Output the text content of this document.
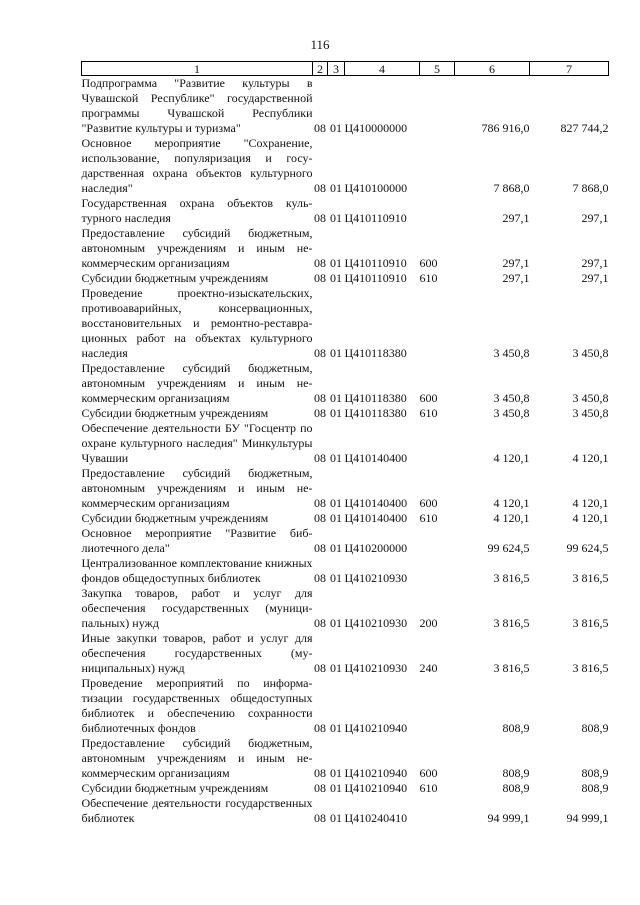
116
1	2	3	4	5	6	7
Подпрограмма "Развитие культуры в Чувашской Республике" государственной программы Чувашской Республики "Развитие культуры и туризма"	08	01	Ц410000000		786 916,0	827 744,2
Основное мероприятие "Сохранение, использование, популяризация и государственная охрана объектов культурного наследия"	08	01	Ц410100000		7 868,0	7 868,0
Государственная охрана объектов культурного наследия	08	01	Ц410110910		297,1	297,1
Предоставление субсидий бюджетным, автономным учреждениям и иным некоммерческим организациям	08	01	Ц410110910	600	297,1	297,1
Субсидии бюджетным учреждениям	08	01	Ц410110910	610	297,1	297,1
Проведение проектно-изыскательских, противоаварийных, консервационных, восстановительных и ремонтно-реставрационных работ на объектах культурного наследия	08	01	Ц410118380		3 450,8	3 450,8
Предоставление субсидий бюджетным, автономным учреждениям и иным некоммерческим организациям	08	01	Ц410118380	600	3 450,8	3 450,8
Субсидии бюджетным учреждениям	08	01	Ц410118380	610	3 450,8	3 450,8
Обеспечение деятельности БУ "Госцентр по охране культурного наследия" Минкультуры Чувашии	08	01	Ц410140400		4 120,1	4 120,1
Предоставление субсидий бюджетным, автономным учреждениям и иным некоммерческим организациям	08	01	Ц410140400	600	4 120,1	4 120,1
Субсидии бюджетным учреждениям	08	01	Ц410140400	610	4 120,1	4 120,1
Основное мероприятие "Развитие библиотечного дела"	08	01	Ц410200000		99 624,5	99 624,5
Централизованное комплектование книжных фондов общедоступных библиотек	08	01	Ц410210930		3 816,5	3 816,5
Закупка товаров, работ и услуг для обеспечения государственных (муниципальных) нужд	08	01	Ц410210930	200	3 816,5	3 816,5
Иные закупки товаров, работ и услуг для обеспечения государственных (муниципальных) нужд	08	01	Ц410210930	240	3 816,5	3 816,5
Проведение мероприятий по информатизации государственных общедоступных библиотек и обеспечению сохранности библиотечных фондов	08	01	Ц410210940		808,9	808,9
Предоставление субсидий бюджетным, автономным учреждениям и иным некоммерческим организациям	08	01	Ц410210940	600	808,9	808,9
Субсидии бюджетным учреждениям	08	01	Ц410210940	610	808,9	808,9
Обеспечение деятельности государственных библиотек	08	01	Ц410240410		94 999,1	94 999,1
